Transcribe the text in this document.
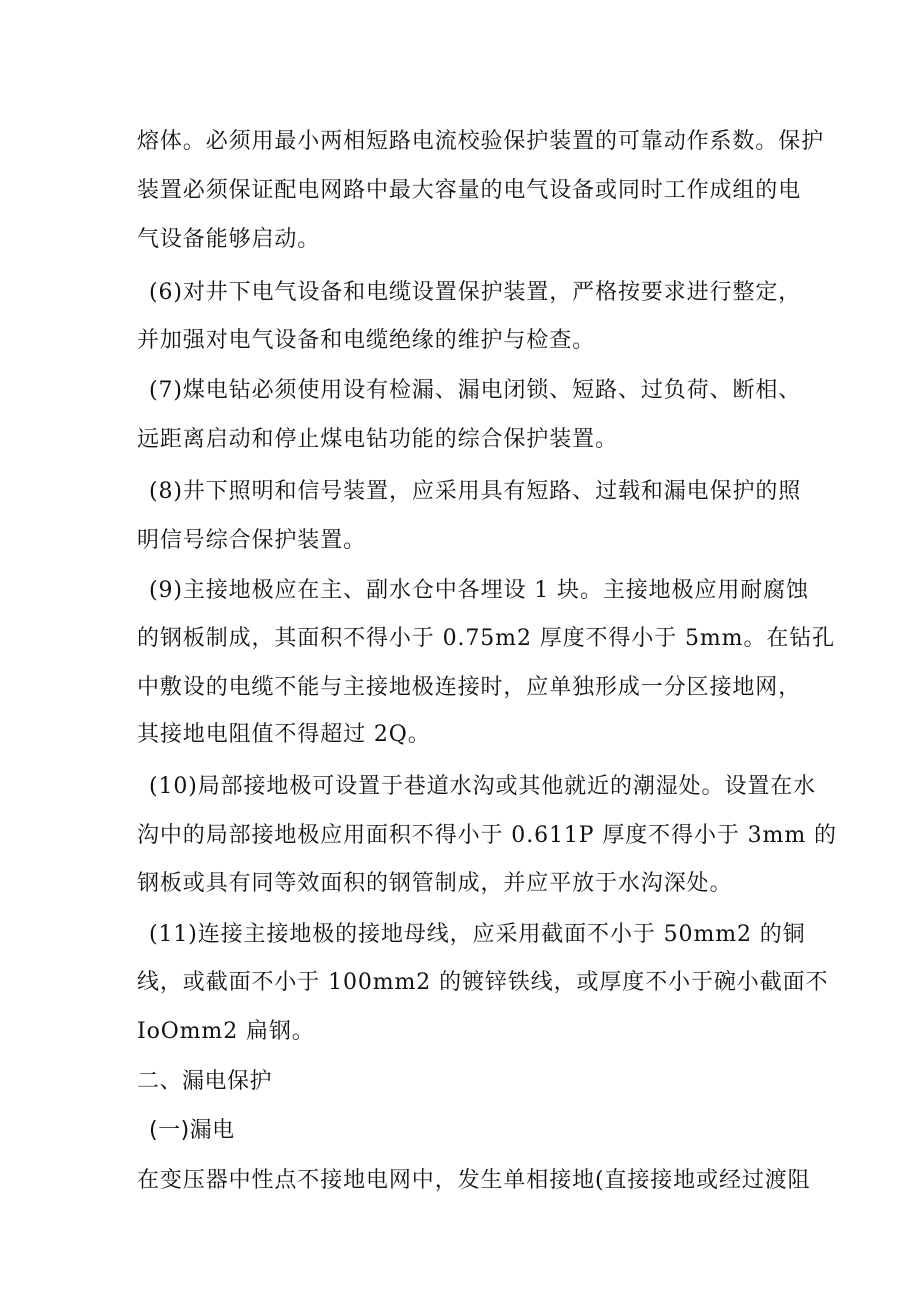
熔体。必须用最小两相短路电流校验保护装置的可靠动作系数。保护
装置必须保证配电网路中最大容量的电气设备或同时工作成组的电
气设备能够启动。
(6)对井下电气设备和电缆设置保护装置，严格按要求进行整定，
并加强对电气设备和电缆绝缘的维护与检查。
(7)煤电钻必须使用设有检漏、漏电闭锁、短路、过负荷、断相、
远距离启动和停止煤电钻功能的综合保护装置。
(8)井下照明和信号装置，应采用具有短路、过载和漏电保护的照
明信号综合保护装置。
(9)主接地极应在主、副水仓中各埋设 1 块。主接地极应用耐腐蚀
的钢板制成，其面积不得小于 0.75m2 厚度不得小于 5mm。在钻孔
中敷设的电缆不能与主接地极连接时，应单独形成一分区接地网，
其接地电阻值不得超过 2Q。
(10)局部接地极可设置于巷道水沟或其他就近的潮湿处。设置在水
沟中的局部接地极应用面积不得小于 0.611P 厚度不得小于 3mm 的
钢板或具有同等效面积的钢管制成，并应平放于水沟深处。
(11)连接主接地极的接地母线，应采用截面不小于 50mm2 的铜
线，或截面不小于 100mm2 的镀锌铁线，或厚度不小于碗小截面不
IoOmm2 扁钢。
二、漏电保护
(一)漏电
在变压器中性点不接地电网中，发生单相接地(直接接地或经过渡阻
